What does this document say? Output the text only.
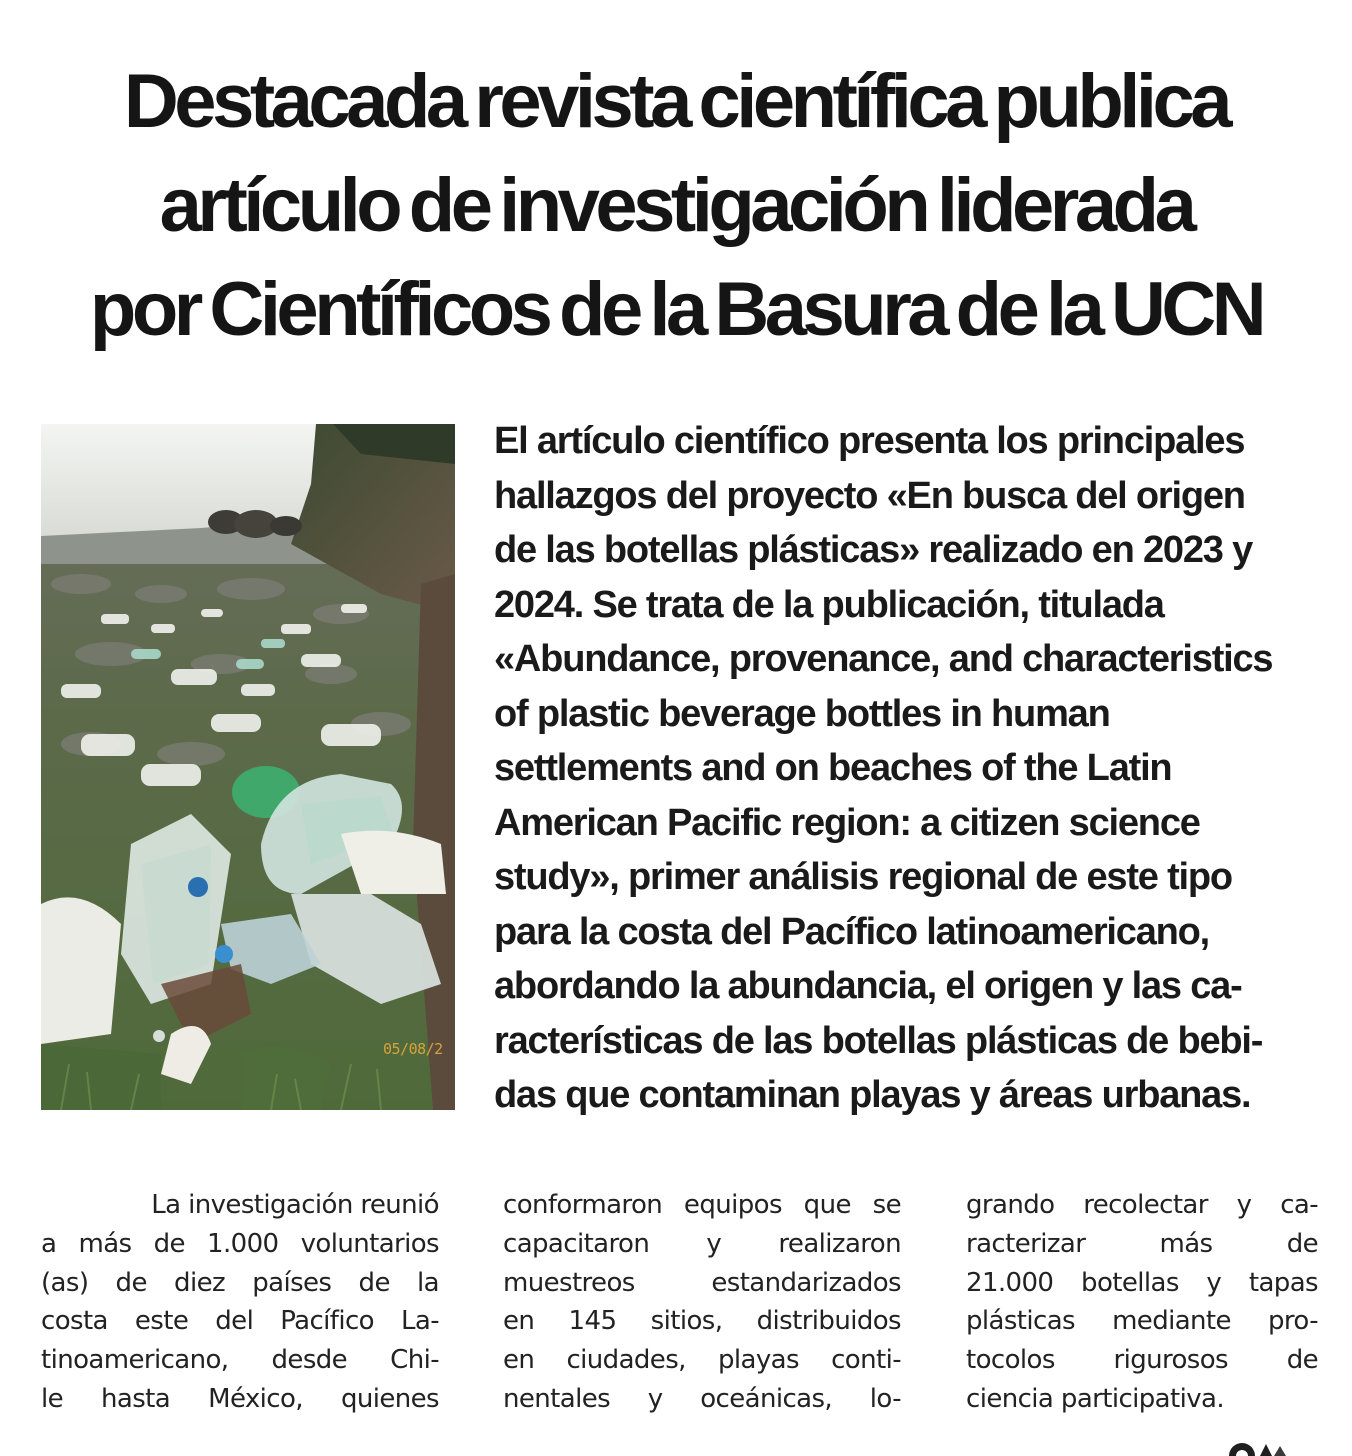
Destacada revista científica publica
artículo de investigación liderada
por Científicos de la Basura de la UCN
05/08/2

El artículo científico presenta los principales
hallazgos del proyecto «En busca del origen
de las botellas plásticas» realizado en 2023 y
2024. Se trata de la publicación, titulada
«Abundance, provenance, and characteristics
of plastic beverage bottles in human
settlements and on beaches of the Latin
American Pacific region: a citizen science
study», primer análisis regional de este tipo
para la costa del Pacífico latinoamericano,
abordando la abundancia, el origen y las ca-
racterísticas de las botellas plásticas de bebi-
das que contaminan playas y áreas urbanas.

La investigación reunió
a más de 1.000 voluntarios
(as) de diez países de la
costa este del Pacífico La-
tinoamericano, desde Chi-
le hasta México, quienes

conformaron equipos que se
capacitaron y realizaron
muestreos estandarizados
en 145 sitios, distribuidos
en ciudades, playas conti-
nentales y oceánicas, lo-

grando recolectar y ca-
racterizar más de
21.000 botellas y tapas
plásticas mediante pro-
tocolos rigurosos de
ciencia participativa.
